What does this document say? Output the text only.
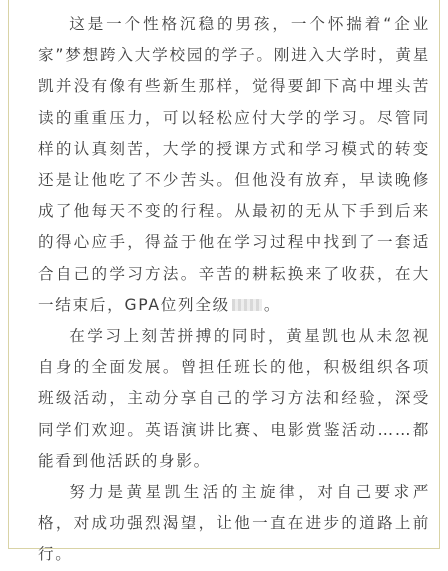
这是一个性格沉稳的男孩，一个怀揣着“企业家”梦想跨入大学校园的学子。刚进入大学时，黄星凯并没有像有些新生那样，觉得要卸下高中埋头苦读的重重压力，可以轻松应付大学的学习。尽管同样的认真刻苦，大学的授课方式和学习模式的转变还是让他吃了不少苦头。但他没有放弃，早读晚修成了他每天不变的行程。从最初的无从下手到后来的得心应手，得益于他在学习过程中找到了一套适合自己的学习方法。辛苦的耕耘换来了收获，在大一结束后，GPA位列全级 。

在学习上刻苦拼搏的同时，黄星凯也从未忽视自身的全面发展。曾担任班长的他，积极组织各项班级活动，主动分享自己的学习方法和经验，深受同学们欢迎。英语演讲比赛、电影赏鉴活动……都能看到他活跃的身影。

努力是黄星凯生活的主旋律，对自己要求严格，对成功强烈渴望，让他一直在进步的道路上前行。
